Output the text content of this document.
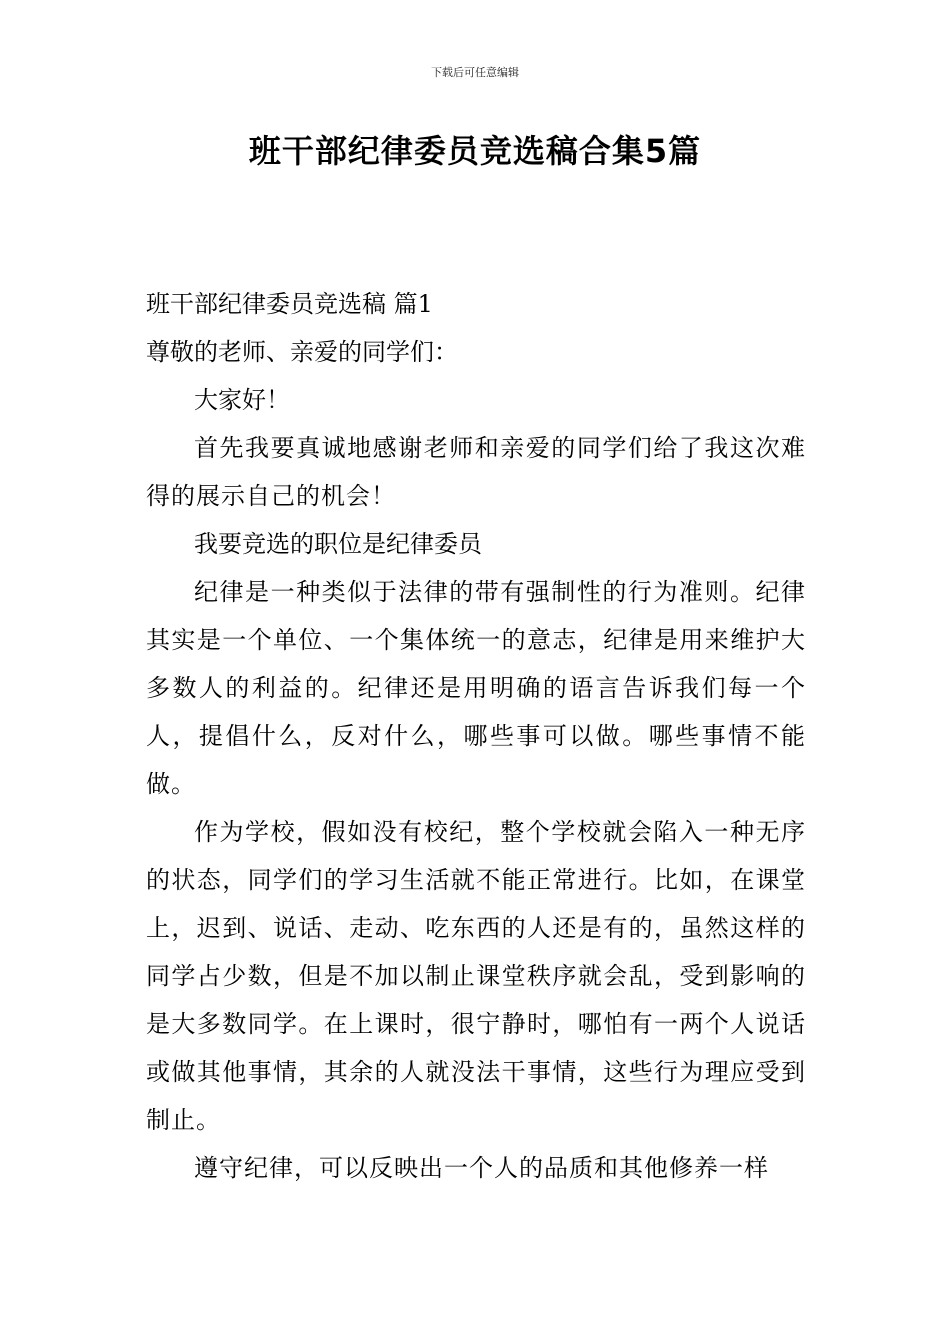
下载后可任意编辑
班干部纪律委员竞选稿合集5篇

班干部纪律委员竞选稿 篇1

尊敬的老师、亲爱的同学们：

大家好！

首先我要真诚地感谢老师和亲爱的同学们给了我这次难得的展示自己的机会！

我要竞选的职位是纪律委员

纪律是一种类似于法律的带有强制性的行为准则。纪律其实是一个单位、一个集体统一的意志，纪律是用来维护大多数人的利益的。纪律还是用明确的语言告诉我们每一个人，提倡什么，反对什么，哪些事可以做。哪些事情不能做。

作为学校，假如没有校纪，整个学校就会陷入一种无序的状态，同学们的学习生活就不能正常进行。比如，在课堂上，迟到、说话、走动、吃东西的人还是有的，虽然这样的同学占少数，但是不加以制止课堂秩序就会乱，受到影响的是大多数同学。在上课时，很宁静时，哪怕有一两个人说话或做其他事情，其余的人就没法干事情，这些行为理应受到制止。

遵守纪律，可以反映出一个人的品质和其他修养一样
